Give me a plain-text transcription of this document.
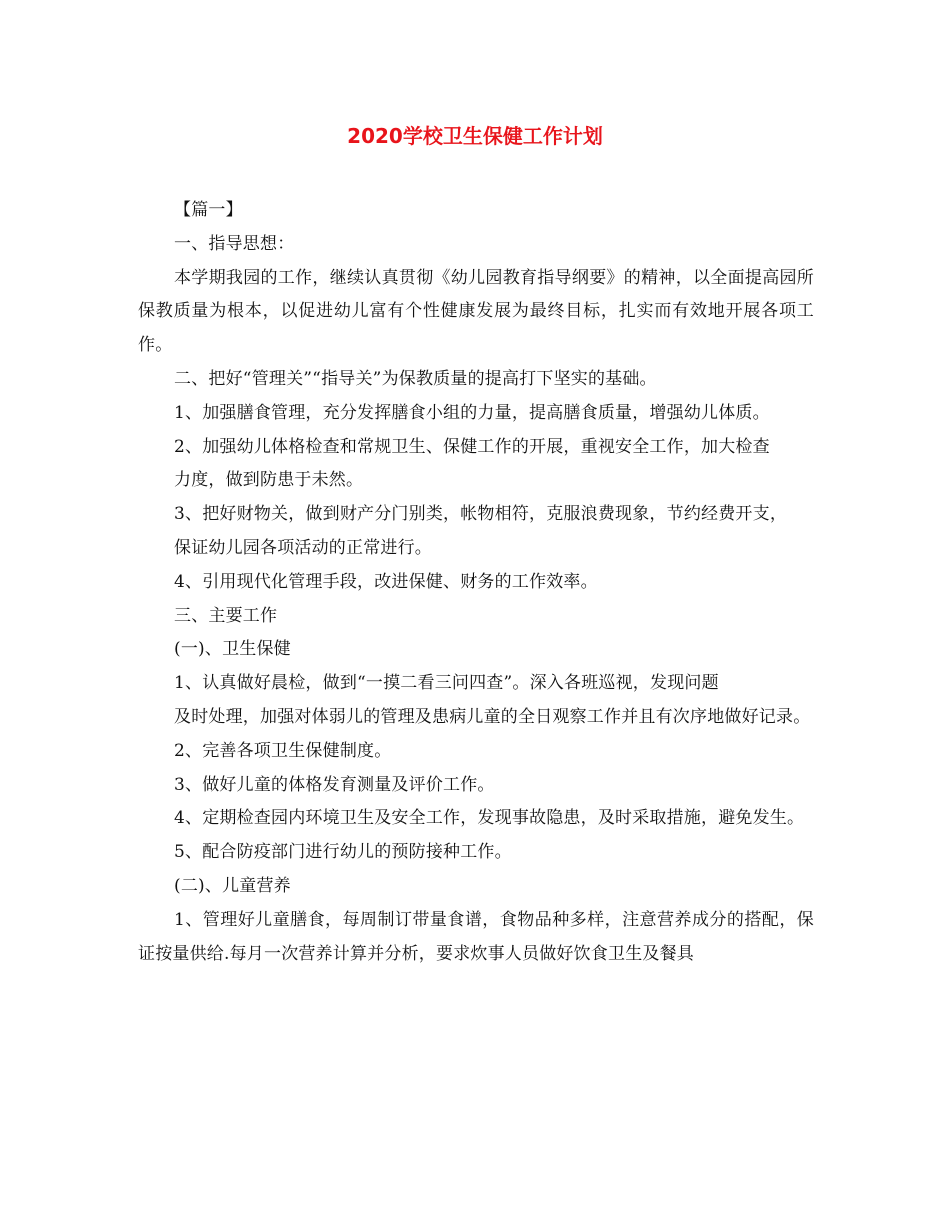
2020学校卫生保健工作计划

【篇一】

一、指导思想：

本学期我园的工作，继续认真贯彻《幼儿园教育指导纲要》的精神，以全面提高园所保教质量为根本，以促进幼儿富有个性健康发展为最终目标，扎实而有效地开展各项工作。

二、把好“管理关”“指导关”为保教质量的提高打下坚实的基础。

1、加强膳食管理，充分发挥膳食小组的力量，提高膳食质量，增强幼儿体质。

2、加强幼儿体格检查和常规卫生、保健工作的开展，重视安全工作，加大检查

力度，做到防患于未然。

3、把好财物关，做到财产分门别类，帐物相符，克服浪费现象，节约经费开支，

保证幼儿园各项活动的正常进行。

4、引用现代化管理手段，改进保健、财务的工作效率。

三、主要工作

(一)、卫生保健

1、认真做好晨检，做到“一摸二看三问四查”。深入各班巡视，发现问题

及时处理，加强对体弱儿的管理及患病儿童的全日观察工作并且有次序地做好记录。

2、完善各项卫生保健制度。

3、做好儿童的体格发育测量及评价工作。

4、定期检查园内环境卫生及安全工作，发现事故隐患，及时采取措施，避免发生。

5、配合防疫部门进行幼儿的预防接种工作。

(二)、儿童营养

1、管理好儿童膳食，每周制订带量食谱，食物品种多样，注意营养成分的搭配，保证按量供给.每月一次营养计算并分析，要求炊事人员做好饮食卫生及餐具
